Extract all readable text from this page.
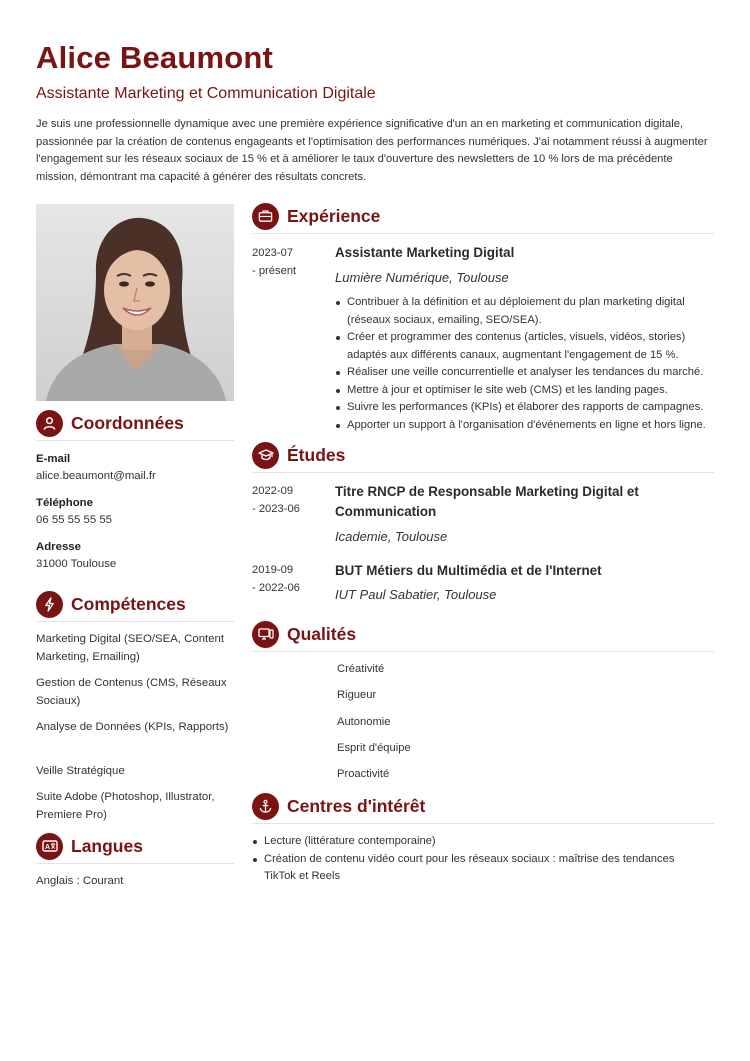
Alice Beaumont
Assistante Marketing et Communication Digitale
Je suis une professionnelle dynamique avec une première expérience significative d'un an en marketing et communication digitale, passionnée par la création de contenus engageants et l'optimisation des performances numériques. J'ai notamment réussi à augmenter l'engagement sur les réseaux sociaux de 15 % et à améliorer le taux d'ouverture des newsletters de 10 % lors de ma précédente mission, démontrant ma capacité à générer des résultats concrets.
Coordonnées
E-mail
alice.beaumont@mail.fr
Téléphone
06 55 55 55 55
Adresse
31000 Toulouse
Compétences
Marketing Digital (SEO/SEA, Content Marketing, Emailing)
Gestion de Contenus (CMS, Réseaux Sociaux)
Analyse de Données (KPIs, Rapports)
Veille Stratégique
Suite Adobe (Photoshop, Illustrator, Premiere Pro)
A Langues
Anglais : Courant
Expérience
2023-07
- présent
Assistante Marketing Digital
Lumière Numérique, Toulouse
Contribuer à la définition et au déploiement du plan marketing digital (réseaux sociaux, emailing, SEO/SEA).
Créer et programmer des contenus (articles, visuels, vidéos, stories) adaptés aux différents canaux, augmentant l'engagement de 15 %.
Réaliser une veille concurrentielle et analyser les tendances du marché.
Mettre à jour et optimiser le site web (CMS) et les landing pages.
Suivre les performances (KPIs) et élaborer des rapports de campagnes.
Apporter un support à l'organisation d'événements en ligne et hors ligne.
Études
2022-09
- 2023-06
Titre RNCP de Responsable Marketing Digital et Communication
Icademie, Toulouse
2019-09
- 2022-06
BUT Métiers du Multimédia et de l'Internet
IUT Paul Sabatier, Toulouse
Qualités
Créativité
Rigueur
Autonomie
Esprit d'équipe
Proactivité
Centres d'intérêt
Lecture (littérature contemporaine)
Création de contenu vidéo court pour les réseaux sociaux : maîtrise des tendances TikTok et Reels
